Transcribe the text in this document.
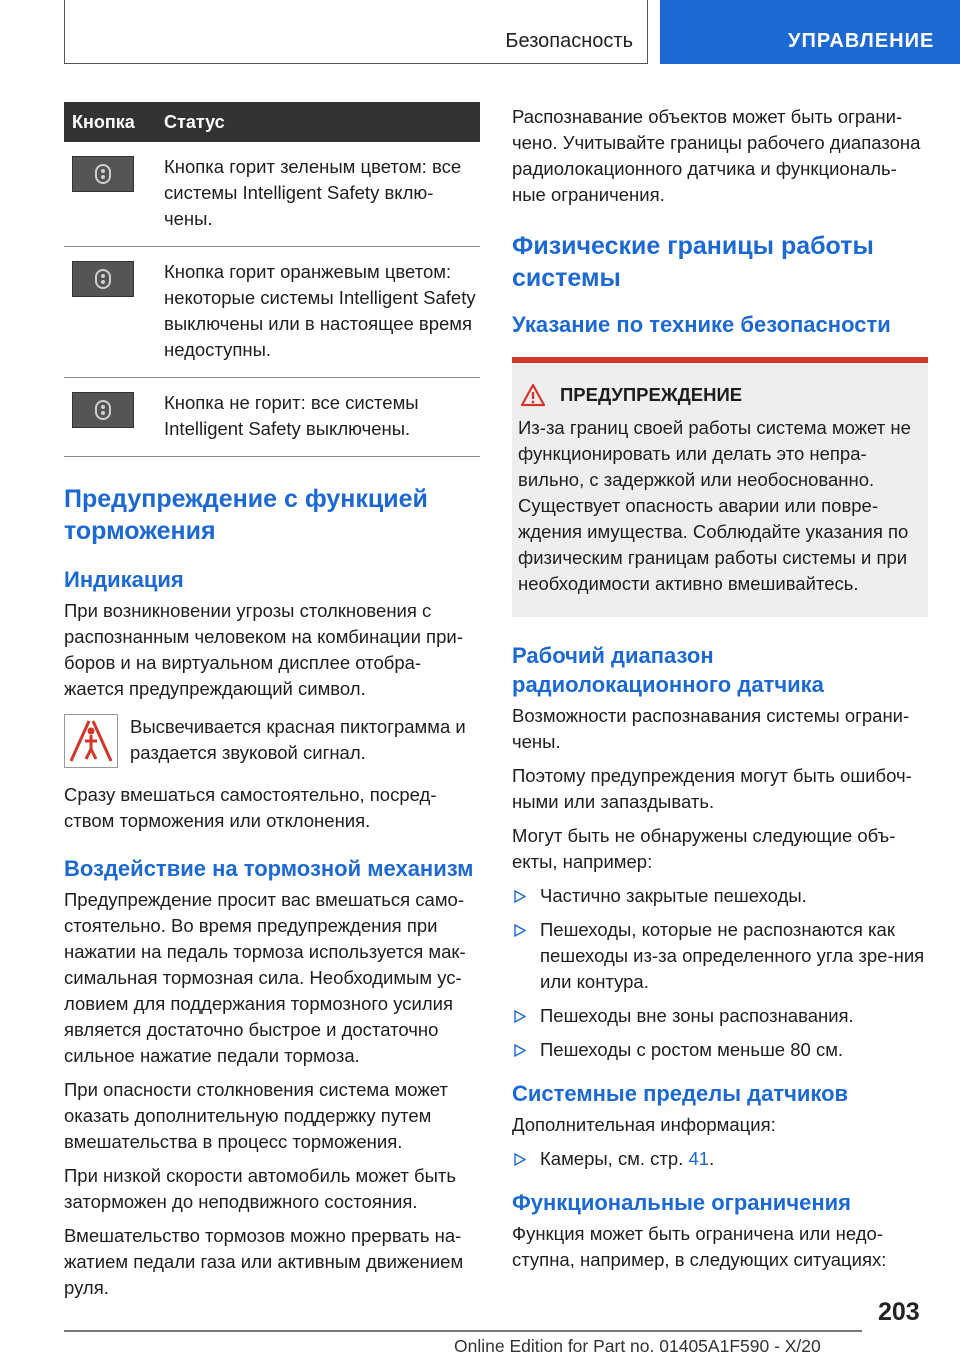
Безопасность	УПРАВЛЕНИЕ
Кнопка	Статус

	Кнопка горит зеленым цветом: все системы Intelligent Safety вклю-чены.

	Кнопка горит оранжевым цветом: некоторые системы Intelligent Safety выключены или в настоящее время недоступны.

	Кнопка не горит: все системы Intelligent Safety выключены.
Предупреждение с функцией торможения
Индикация

При возникновении угрозы столкновения с распознанным человеком на комбинации при-боров и на виртуальном дисплее отобра-жается предупреждающий символ.

Высвечивается красная пиктограмма и раздается звуковой сигнал.

Сразу вмешаться самостоятельно, посред-ством торможения или отклонения.

Воздействие на тормозной механизм

Предупреждение просит вас вмешаться само-стоятельно. Во время предупреждения при нажатии на педаль тормоза используется мак-симальная тормозная сила. Необходимым ус-ловием для поддержания тормозного усилия является достаточно быстрое и достаточно сильное нажатие педали тормоза.

При опасности столкновения система может оказать дополнительную поддержку путем вмешательства в процесс торможения.

При низкой скорости автомобиль может быть заторможен до неподвижного состояния.

Вмешательство тормозов можно прервать на-жатием педали газа или активным движением руля.

Распознавание объектов может быть ограни-чено. Учитывайте границы рабочего диапазона радиолокационного датчика и функциональ-ные ограничения.

Физические границы работы системы
Указание по технике безопасности
ПРЕДУПРЕЖДЕНИЕ

Из-за границ своей работы система может не функционировать или делать это непра-вильно, с задержкой или необоснованно. Существует опасность аварии или повре-ждения имущества. Соблюдайте указания по физическим границам работы системы и при необходимости активно вмешивайтесь.

Рабочий диапазон радиолокационного датчика

Возможности распознавания системы ограни-чены.

Поэтому предупреждения могут быть ошибоч-ными или запаздывать.

Могут быть не обнаружены следующие объ-екты, например:

Частично закрытые пешеходы.
Пешеходы, которые не распознаются как пешеходы из-за определенного угла зре-ния или контура.
Пешеходы вне зоны распознавания.
Пешеходы с ростом меньше 80 см.
Системные пределы датчиков

Дополнительная информация:

Камеры, см. стр. 41.
Функциональные ограничения

Функция может быть ограничена или недо-ступна, например, в следующих ситуациях:

203
Online Edition for Part no. 01405A1F590 - X/20
